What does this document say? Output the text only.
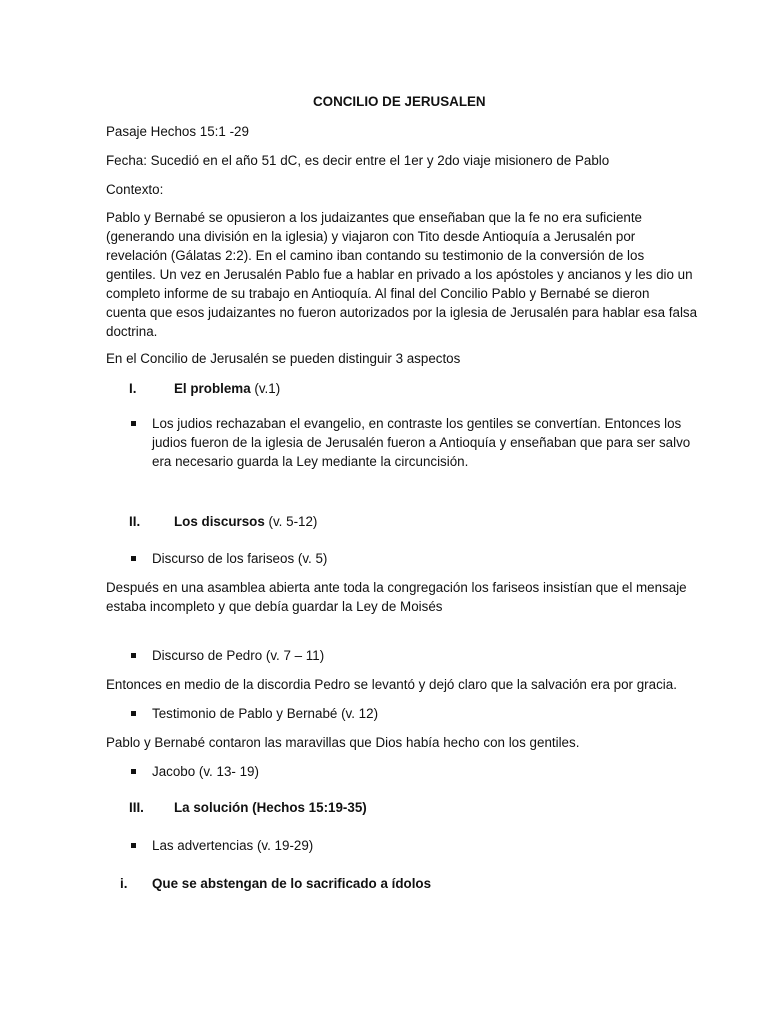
CONCILIO DE JERUSALEN
Pasaje Hechos 15:1 -29
Fecha: Sucedió en el año 51 dC, es decir entre el 1er y 2do viaje misionero de Pablo
Contexto:
Pablo y Bernabé se opusieron a los judaizantes que enseñaban que la fe no era suficiente
(generando una división en la iglesia) y viajaron con Tito desde Antioquía a Jerusalén por
revelación (Gálatas 2:2). En el camino iban contando su testimonio de la conversión de los
gentiles. Un vez en Jerusalén Pablo fue a hablar en privado a los apóstoles y ancianos y les dio un
completo informe de su trabajo en Antioquía. Al final del Concilio Pablo y Bernabé se dieron
cuenta que esos judaizantes no fueron autorizados por la iglesia de Jerusalén para hablar esa falsa
doctrina.
En el Concilio de Jerusalén se pueden distinguir 3 aspectos
I.	El problema (v.1)
Los judios rechazaban el evangelio, en contraste los gentiles se convertían. Entonces los
judios fueron de la iglesia de Jerusalén fueron a Antioquía y enseñaban que para ser salvo
era necesario guarda la Ley mediante la circuncisión.
II.	Los discursos (v. 5-12)
Discurso de los fariseos (v. 5)
Después en una asamblea abierta ante toda la congregación los fariseos insistían que el mensaje
estaba incompleto y que debía guardar la Ley de Moisés
Discurso de Pedro (v. 7 – 11)
Entonces en medio de la discordia Pedro se levantó y dejó claro que la salvación era por gracia.
Testimonio de Pablo y Bernabé (v. 12)
Pablo y Bernabé contaron las maravillas que Dios había hecho con los gentiles.
Jacobo (v. 13- 19)
III. La solución (Hechos 15:19-35)
Las advertencias (v. 19-29)
i. Que se abstengan de lo sacrificado a ídolos
